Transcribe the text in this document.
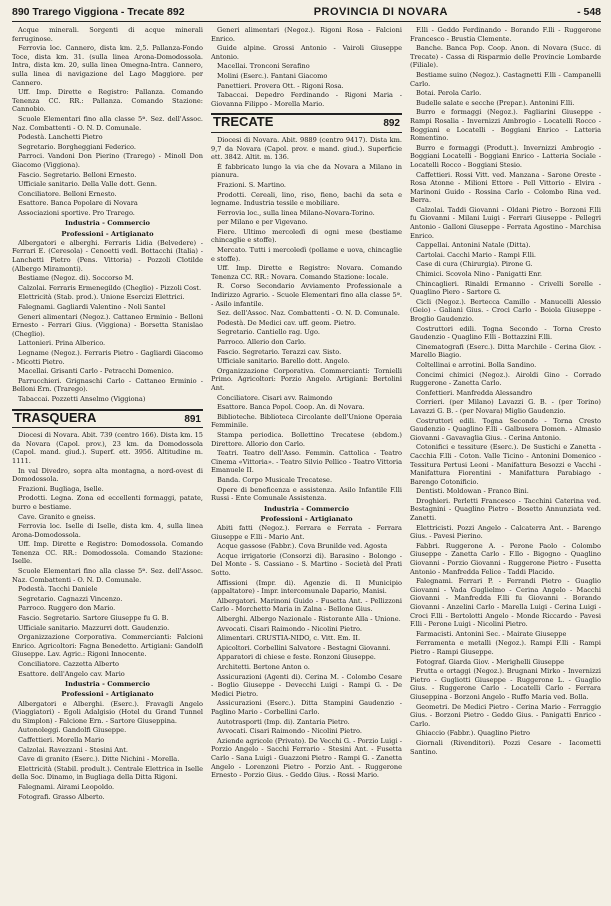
890 Trarego Viggiona - Trecate 892	PROVINCIA DI NOVARA	- 548

Acque minerali. Sorgenti di acque minerali ferruginose.

Ferrovia loc. Cannero, dista km. 2,5. Pallanza-Fondo Toce, dista km. 31. (sulla linea Arona-Domodossola. Intra, dista km. 20, sulla linea Omegna-Intra. Cannero, sulla linea di navigazione del Lago Maggiore. per Cannero.

Uff. Imp. Dirette e Registro: Pallanza. Comando Tenenza CC. RR.: Pallanza. Comando Stazione: Cannobio.

Scuole Elementari fino alla classe 5ª. Sez. dell'Assoc. Naz. Combattenti - O. N. D. Comunale.

Podestà. Lanchetti Pietro

Segretario. Borgheggiani Federico.

Parroci. Vandoni Don Pierino (Trarego) - Minoll Don Giacomo (Viggiona).

Fascio. Segretario. Belloni Ernesto.

Ufficiale sanitario. Della Valle dott. Genn.

Conciliatore. Belloni Ernesto.

Esattore. Banca Popolare di Novara

Associazioni sportive. Pro Trarego.

Industria - Commercio
Professioni - Artigianato

Albergatori e alberghi. Ferraris Lidia (Belvedere) - Ferrari E. (Ceresola) - Cenoetti vedl. Bottacchi (Italia) - Lanchetti Pietro (Pens. Vittoria) - Pozzoli Clotilde (Albergo Miramonti).

Bestiame (Negoz. di). Soccorso M.

Calzolai. Ferraris Ermenegildo (Cheglio) - Pizzoli Cost.

Elettricità (Stab. prod.). Unione Esercizi Elettrici.

Falegnami. Gagliardi Valentino - Noli Santel

Generi alimentari (Negoz.). Cattaneo Erminio - Belloni Ernesto - Ferrari Gius. (Viggiona) - Borsetta Stanislao (Cheglio).

Lattonieri. Prina Alberico.

Legname (Negoz.). Ferraris Pietro - Gagliardi Giacomo - Micotti Pietro.

Macellai. Grisanti Carlo - Petracchi Domenico.

Parrucchieri. Grignaschi Carlo - Cattaneo Erminio - Belloni Ern. (Trarego).

Tabaccai. Pozzetti Anselmo (Viggiona)

TRASQUERA	891

Diocesi di Novara. Abit. 739 (centro 166). Dista km. 15 da Novara (Capol. prov.), 23 km. da Domodossola (Capol. mand. giud.). Superf. ett. 3956. Altitudine m. 1111.

In val Divedro, sopra alta montagna, a nord-ovest di Domodossola.

Frazioni. Bugliaga, Iselle.

Prodotti. Legna. Zona ed eccellenti formaggi, patate, burro e bestiame.

Cave. Granito e gneiss.

Ferrovia loc. Iselle di Iselle, dista km. 4, sulla linea Arona-Domodossola.

Uff. Imp. Dirette e Registro: Domodossola. Comando Tenenza CC. RR.: Domodossola. Comando Stazione: Iselle.

Scuole Elementari fino alla classe 5ª. Sez. dell'Assoc. Naz. Combattenti - O. N. D. Comunale.

Podestà. Tacchi Daniele

Segretario. Cagnazzi Vincenzo.

Parroco. Ruggero don Mario.

Fascio. Segretario. Sartore Giuseppe fu G. B.

Ufficiale sanitario. Mazzurri dott. Gaudenzio.

Organizzazione Corporativa. Commercianti: Falcioni Enrico. Agricoltori: Fagna Benedetto. Artigiani: Gandolfi Giuseppe. Lav. Agric.: Rigoni Innocente.

Conciliatore. Cazzetta Alberto

Esattore. dell'Angelo cav. Mario

Industria - Commercio
Professioni - Artigianato

Albergatori e Alberghi. (Eserc.). Fravagli Angelo (Viaggiatori) - Egoli Adalgisio (Hotel du Grand Tunnel du Simplon) - Falcione Ern. - Sartore Giuseppina.

Autonoleggi. Gandolfi Giuseppe.

Caffettieri. Morella Mario

Calzolai. Ravezzani - Stesini Ant.

Cave di granito (Eserc.). Ditte Nichini - Morella.

Elettricità (Stabil. prodult.). Centrale Elettrica in Iselle della Soc. Dinamo, in Bugliaga della Ditta Rigoni.

Falegnami. Airami Leopoldo.

Fotografi. Grasso Alberto.

Generi alimentari (Negoz.). Rigoni Rosa - Falcioni Enrico.

Guide alpine. Grossi Antonio - Vairoli Giuseppe Antonio.

Macellai. Tronconi Serafino

Molini (Eserc.). Fantani Giacomo

Panettieri. Provera Ott. - Rigoni Rosa.

Tabaccai. Depedro Ferdinando - Rigoni Maria - Giovanna Filippo - Morella Mario.

TRECATE	892

Diocesi di Novara. Abit. 9889 (centro 9417). Dista km. 9,7 da Novara (Capol. prov. e mand. giud.). Superficie ett. 3842. Altit. m. 136.

È fabbricato lungo la via che da Novara a Milano in pianura.

Frazioni. S. Martino.

Prodotti. Cereali, lino, riso, fieno, bachi da seta e legname. Industria tessile e mobiliare.

Ferrovia loc., sulla linea Milano-Novara-Torino.

per Milano e per Vigevano.

Fiere. Ultimo mercoledì di ogni mese (bestiame chincaglie e stoffe).

Mercato. Tutti i mercoledì (pollame e uova, chincaglie e stoffe).

Uff. Imp. Dirette e Registro: Novara. Comando Tenenza CC. RR.: Novara. Comando Stazione: locale.

R. Corso Secondario Avviamento Professionale a Indirizzo Agrario. - Scuole Elementari fino alla classe 5ª. - Asilo infantile.

Sez. dell'Assoc. Naz. Combattenti - O. N. D. Comunale.

Podestà. De Medici cav. uff. geom. Pietro.

Segretario. Cantiello rag. Ugo.

Parroco. Allerio don Carlo.

Fascio. Segretario. Terazzi cav. Sisto.

Ufficiale sanitario. Barello dott. Angelo.

Organizzazione Corporativa. Commercianti: Tornielli Primo. Agricoltori: Porzio Angelo. Artigiani: Bertolini Ant.

Conciliatore. Cisari avv. Raimondo

Esattore. Banca Popol. Coop. An. di Novara.

Biblioteche. Biblioteca Circolante dell'Unione Operaia Femminile.

Stampa periodica. Bollettino Trecatese (ebdom.) Direttore. Allorio don Carlo.

Teatri. Teatro dell'Asso. Femmin. Cattolica - Teatro Cinema «Vittoria». - Teatro Silvio Pellico - Teatro Vittoria Emanuele II.

Banda. Corpo Musicale Trecatese.

Opere di beneficenza e assistenza. Asilo Infantile F.lli Russi - Ente Comunale Assistenza.

Industria - Commercio
Professioni - Artigianato

Abiti fatti (Negoz.). Ferrara e Ferrata - Ferrara Giuseppe e F.lli - Mario Ant.

Acque gassose (Fabbr.). Cova Brunilde ved. Agosta

Acque irrigatorie (Consorzi di). Barasino - Bolongo - Del Monte - S. Cassiano - S. Martino - Società del Prati Sotto.

Affissioni (Impr. di). Agenzie di. Il Municipio (appaltatore) - Impr. intercomunale Dapario, Manisi.

Albergatori. Marinoni Guido - Fusetta Ant. - Pellizzoni Carlo - Morchetto Maria in Zalna - Bellone Gius.

Alberghi. Albergo Nazionale - Ristorante Alla - Unione.

Avvocati. Cisari Raimondo - Nicolini Pietro.

Alimentari. CRUSTIA-NIDO, c. Vitt. Em. II.

Apicoltori. Corbellini Salvatore - Bestagni Giovanni.

Apparatori di chiese e feste. Ronzoni Giuseppe.

Architetti. Bertone Anton o.

Assicurazioni (Agenti di). Cerina M. - Colombo Cesare - Boglio Giuseppe - Devecchi Luigi - Rampi G. - De Medici Pietro.

Assicurazioni (Eserc.). Ditta Stampini Gaudenzio - Paglino Mario - Corbellini Carlo.

Autotrasporti (Imp. di). Zantaria Pietro.

Avvocati. Cisari Raimondo - Nicolini Pietro.

Aziende agricole (Privato). De Vecchi G. - Porzio Luigi - Porzio Angelo - Sacchi Ferrario - Stesini Ant. - Fusetta Carlo - Sana Luigi - Guazzoni Pietro - Rampi G. - Zanetta Angelo - Lorenzoni Pietro - Porzio Ant. - Ruggerone Ernesto - Porzio Gius. - Geddo Gius. - Rossi Mario.

F.lli - Geddo Ferdinando - Borando F.lli - Ruggerone Francesco - Brustia Clemente.

Banche. Banca Pop. Coop. Anon. di Novara (Succ. di Trecate) - Cassa di Risparmio delle Provincie Lombarde (Filiale).

Bestiame suino (Negoz.). Castagnetti F.lli - Campanelli Carlo.

Botai. Perola Carlo.

Budelle salate e secche (Prepar.). Antonini F.lli.

Burro e formaggi (Negoz.). Fagliarini Giuseppe - Rampi Rosalia - Invernizzi Ambrogio - Locatelli Rocco - Boggiani e Locatelli - Boggiani Enrico - Latteria Romentino.

Burro e formaggi (Produtt.). Invernizzi Ambrogio - Boggiani Locatelli - Boggiani Enrico - Latteria Sociale - Locatelli Rocco - Boggiani Stesio.

Caffettieri. Rossi Vitt. ved. Manzana - Sarone Oreste - Rosa Atonne - Milioni Ettore - Pell Vittorio - Elvira - Marinoni Guido - Rossina Carlo - Colombo Rina ved. Berra.

Calzolai. Taddi Giovanni - Oldani Pietro - Borzoni F.lli fu Giovanni - Milani Luigi - Ferrari Giuseppe - Pellegri Antonio - Galloni Giuseppe - Ferrata Agostino - Marchisa Enrico.

Cappellai. Antonini Natale (Ditta).

Cartolai. Cacchi Mario - Rampi F.lli.

Case di cura (Chirurgia). Pirone G.

Chimici. Scovola Nino - Panigatti Enr.

Chincaglieri. Rinaldi Ermanno - Crivelli Sorelle - Quaglino Piero - Sartore G.

Cicli (Negoz.). Bertecca Camillo - Manucelli Alessio (Geio) - Galiani Gius. - Croci Carlo - Boiola Giuseppe - Broglio Gaudenzio.

Costruttori edili. Togna Secondo - Torna Cresto Gaudenzio - Quaglino F.lli - Bottazzini F.lli.

Cinematografi (Eserc.). Ditta Marchile - Cerina Giov. - Marello Biagio.

Coltellinai e arrotini. Bolla Sandino.

Concimi chimici (Negoz.). Airoldi Gino - Corrado Ruggerone - Zanetta Carlo.

Confettieri. Manfredda Alessandro

Corrieri. (per Milano) Lavazzi G. B. - (per Torino) Lavazzi G. B. - (per Novara) Miglio Gaudenzio.

Costruttori edili. Togna Secondo - Torna Cresto Gaudenzio - Quaglino F.lli - Galbusera Domen. - Almasio Giovanni - Gavavaglia Gius. - Cerina Antonio.

Cotonifici e tessiture (Eserc.). De Sustichi e Zanetta - Cacchia F.lli - Coton. Valle Ticino - Antonini Domenico - Tessitura Pertusi Leoni - Manifattura Besozzi e Vacchi - Manifattura Fiorentini - Manifattura Parabiago - Barengo Cotonificio.

Dentisti. Moldowan - Franco Bini.

Droghieri. Perletti Francesco - Tacchini Caterina ved. Bestagnini - Quaglino Pietro - Bosetto Annunziata ved. Zanetti.

Elettricisti. Pozzi Angelo - Calcaterra Ant. - Barengo Gius. - Pavesi Pierino.

Fabbri. Ruggerone A. - Perone Paolo - Colombo Giuseppe - Zanetta Carlo - F.llo - Bigogno - Quaglino Giovanni - Porzio Giovanni - Ruggerone Pietro - Fusetta Antonio - Manfredda Felice - Taddi Placido.

Falegnami. Ferrari P. - Ferrandi Pietro - Guaglio Giovanni - Vada Guglielmo - Cerina Angelo - Macchi Giovanni - Manfredda F.lli fu Giovanni - Borando Giovanni - Anzelini Carlo - Marella Luigi - Cerina Luigi - Croci F.lli - Bertolotti Angelo - Monde Riccardo - Pavesi F.lli - Perone Luigi - Nicolini Pietro.

Farmacisti. Antonini Sec. - Mairate Giuseppe

Ferramenta e metalli (Negoz.). Rampi F.lli - Rampi Pietro - Rampi Giuseppe.

Fotograf. Giarda Giov. - Merighelli Giuseppe

Frutta e ortaggi (Negoz.). Brugnani Mirko - Invernizzi Pietro - Gugliotti Giuseppe - Ruggerone L. - Guaglio Gius. - Ruggerone Carlo - Locatelli Carlo - Ferrara Giuseppina - Borzoni Angelo - Ruffo Maria ved. Bolla.

Geometri. De Medici Pietro - Cerina Mario - Ferraggio Gius. - Borzoni Pietro - Geddo Gius. - Panigatti Enrico - Carlo.

Ghiaccio (Fabbr.). Quaglino Pietro

Giornali (Rivenditori). Pozzi Cesare - Iacometti Santino.
